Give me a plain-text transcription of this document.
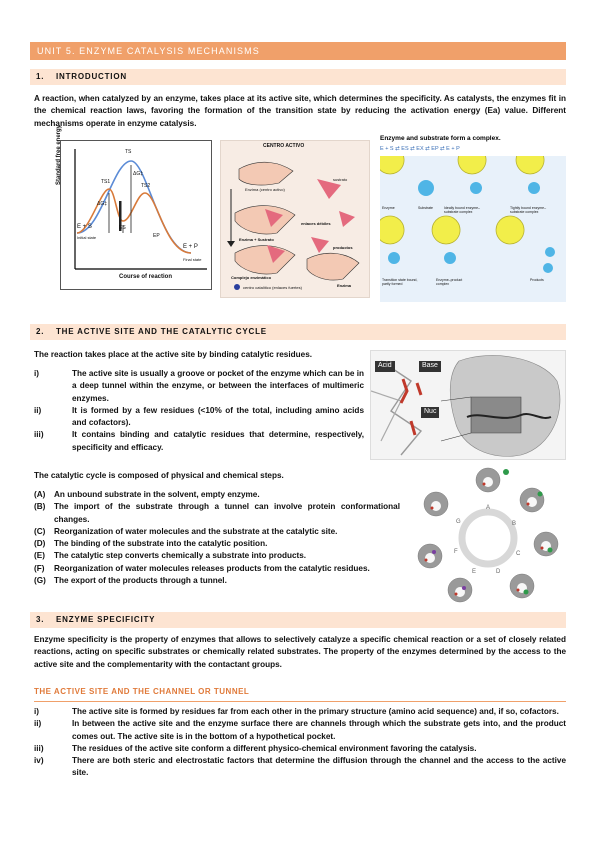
UNIT 5. ENZYME CATALYSIS MECHANISMS
1. INTRODUCTION
A reaction, when catalyzed by an enzyme, takes place at its active site, which determines the specificity. As catalysts, the enzymes fit in the chemical reaction laws, favoring the formation of the transition state by reducing the activation energy (Ea) value. Different mechanisms operate in enzyme catalysis.
Standard free energy
Course of reaction
TS
TS1
TS2
ES
EP
ΔG‡
ΔG‡
E + S
Initial state
E + P
Final state
CENTRO ACTIVO
Enzima (centro activo)
sustrato
Enzima + Sustrato
enlaces débiles
productos
Complejo enzimático
Enzima
centro catalítico (enlaces fuertes)
Enzyme and substrate form a complex.
E + S ⇄ ES ⇄ EX ⇄ EP ⇄ E + P
Enzyme	Substrate	Ideally bound enzyme–substrate complex
Tightly bound enzyme–substrate complex
Transition state bound, partly formed
Enzyme–product complex
Products
2. THE ACTIVE SITE AND THE CATALYTIC CYCLE
The reaction takes place at the active site by binding catalytic residues.
i)	The active site is usually a groove or pocket of the enzyme which can be in a deep tunnel within the enzyme, or between the interfaces of multimeric enzymes.
ii)	It is formed by a few residues (<10% of the total, including amino acids and cofactors).
iii)	It contains binding and catalytic residues that determine, respectively, specificity and efficacy.
Acid	Base
Nuc
The catalytic cycle is composed of physical and chemical steps.
(A) An unbound substrate in the solvent, empty enzyme.
(B) The import of the substrate through a tunnel can involve protein conformational changes.
(C) Reorganization of water molecules and the substrate at the catalytic site.
(D) The binding of the substrate into the catalytic position.
(E) The catalytic step converts chemically a substrate into products.
(F) Reorganization of water molecules releases products from the catalytic residues.
(G) The export of the products through a tunnel.
A
B
C
D
E
F
G
3. ENZYME SPECIFICITY
Enzyme specificity is the property of enzymes that allows to selectively catalyze a specific chemical reaction or a set of closely related reactions, acting on specific substrates or chemically related substrates. The property of the enzymes determined by the access to the active site and the complementarity with the contactant groups.
THE ACTIVE SITE AND THE CHANNEL OR TUNNEL
i)	The active site is formed by residues far from each other in the primary structure (amino acid sequence) and, if so, cofactors.
ii)	In between the active site and the enzyme surface there are channels through which the substrate gets into, and the product comes out. The active site is in the bottom of a hypothetical pocket.
iii)	The residues of the active site conform a different physico-chemical environment favoring the catalysis.
iv)	There are both steric and electrostatic factors that determine the diffusion through the channel and the access to the active site.
